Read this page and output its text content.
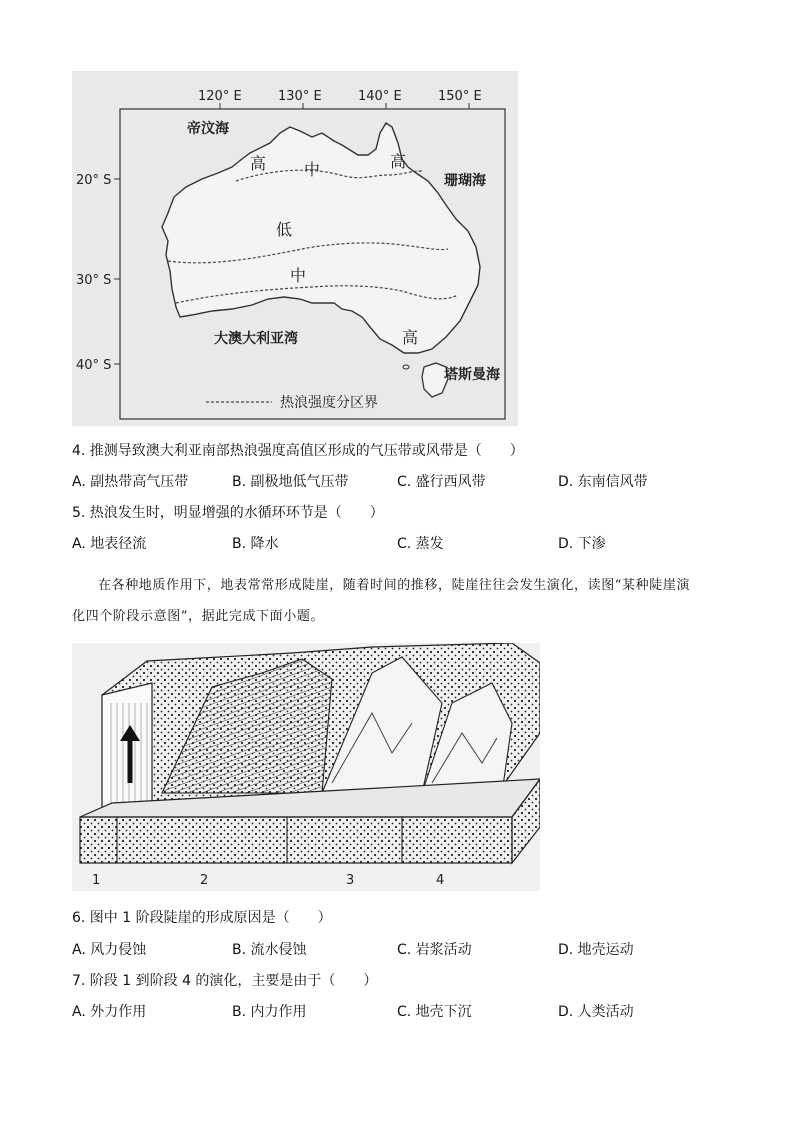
120° E	130° E	140° E	150° E
20° S
30° S
40° S
帝汶海
珊瑚海
大澳大利亚湾
塔斯曼海
高 中	高
低
中
高
热浪强度分区界
4. 推测导致澳大利亚南部热浪强度高值区形成的气压带或风带是（　　）
A. 副热带高气压带	B. 副极地低气压带	C. 盛行西风带	D. 东南信风带
5. 热浪发生时，明显增强的水循环环节是（　　）
A. 地表径流	B. 降水	C. 蒸发	D. 下渗
在各种地质作用下，地表常常形成陡崖，随着时间的推移，陡崖往往会发生演化，读图“某种陡崖演
化四个阶段示意图”，据此完成下面小题。
1	2	3	4
6. 图中 1 阶段陡崖的形成原因是（　　）
A. 风力侵蚀	B. 流水侵蚀	C. 岩浆活动	D. 地壳运动
7. 阶段 1 到阶段 4 的演化，主要是由于（　　）
A. 外力作用	B. 内力作用	C. 地壳下沉	D. 人类活动
